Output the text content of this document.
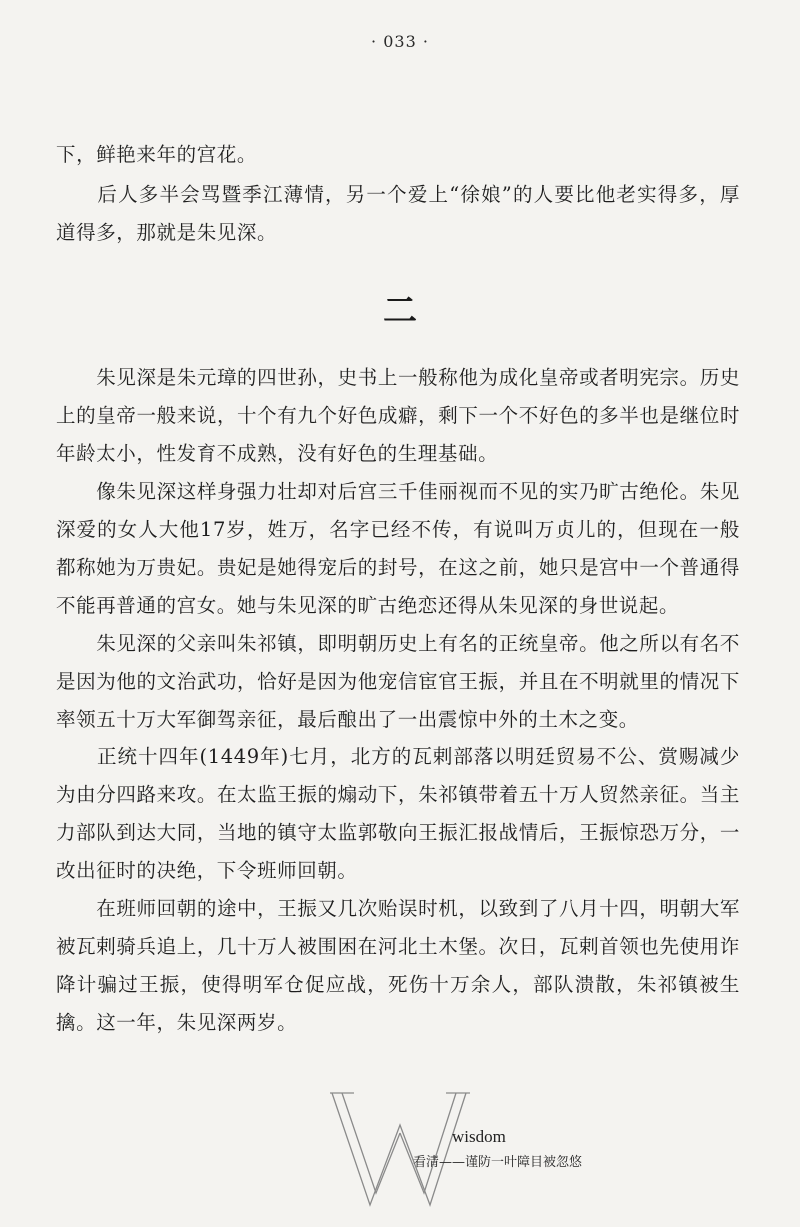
· 033 ·

下，鲜艳来年的宫花。

　　后人多半会骂暨季江薄情，另一个爱上“徐娘”的人要比他老实得多，厚道得多，那就是朱见深。

二

　　朱见深是朱元璋的四世孙，史书上一般称他为成化皇帝或者明宪宗。历史上的皇帝一般来说，十个有九个好色成癖，剩下一个不好色的多半也是继位时年龄太小，性发育不成熟，没有好色的生理基础。

　　像朱见深这样身强力壮却对后宫三千佳丽视而不见的实乃旷古绝伦。朱见深爱的女人大他17岁，姓万，名字已经不传，有说叫万贞儿的，但现在一般都称她为万贵妃。贵妃是她得宠后的封号，在这之前，她只是宫中一个普通得不能再普通的宫女。她与朱见深的旷古绝恋还得从朱见深的身世说起。

　　朱见深的父亲叫朱祁镇，即明朝历史上有名的正统皇帝。他之所以有名不是因为他的文治武功，恰好是因为他宠信宦官王振，并且在不明就里的情况下率领五十万大军御驾亲征，最后酿出了一出震惊中外的土木之变。

　　正统十四年(1449年)七月，北方的瓦剌部落以明廷贸易不公、赏赐减少为由分四路来攻。在太监王振的煽动下，朱祁镇带着五十万人贸然亲征。当主力部队到达大同，当地的镇守太监郭敬向王振汇报战情后，王振惊恐万分，一改出征时的决绝，下令班师回朝。

　　在班师回朝的途中，王振又几次贻误时机，以致到了八月十四，明朝大军被瓦剌骑兵追上，几十万人被围困在河北土木堡。次日，瓦剌首领也先使用诈降计骗过王振，使得明军仓促应战，死伤十万余人，部队溃散，朱祁镇被生擒。这一年，朱见深两岁。

wisdom
看清——谨防一叶障目被忽悠
